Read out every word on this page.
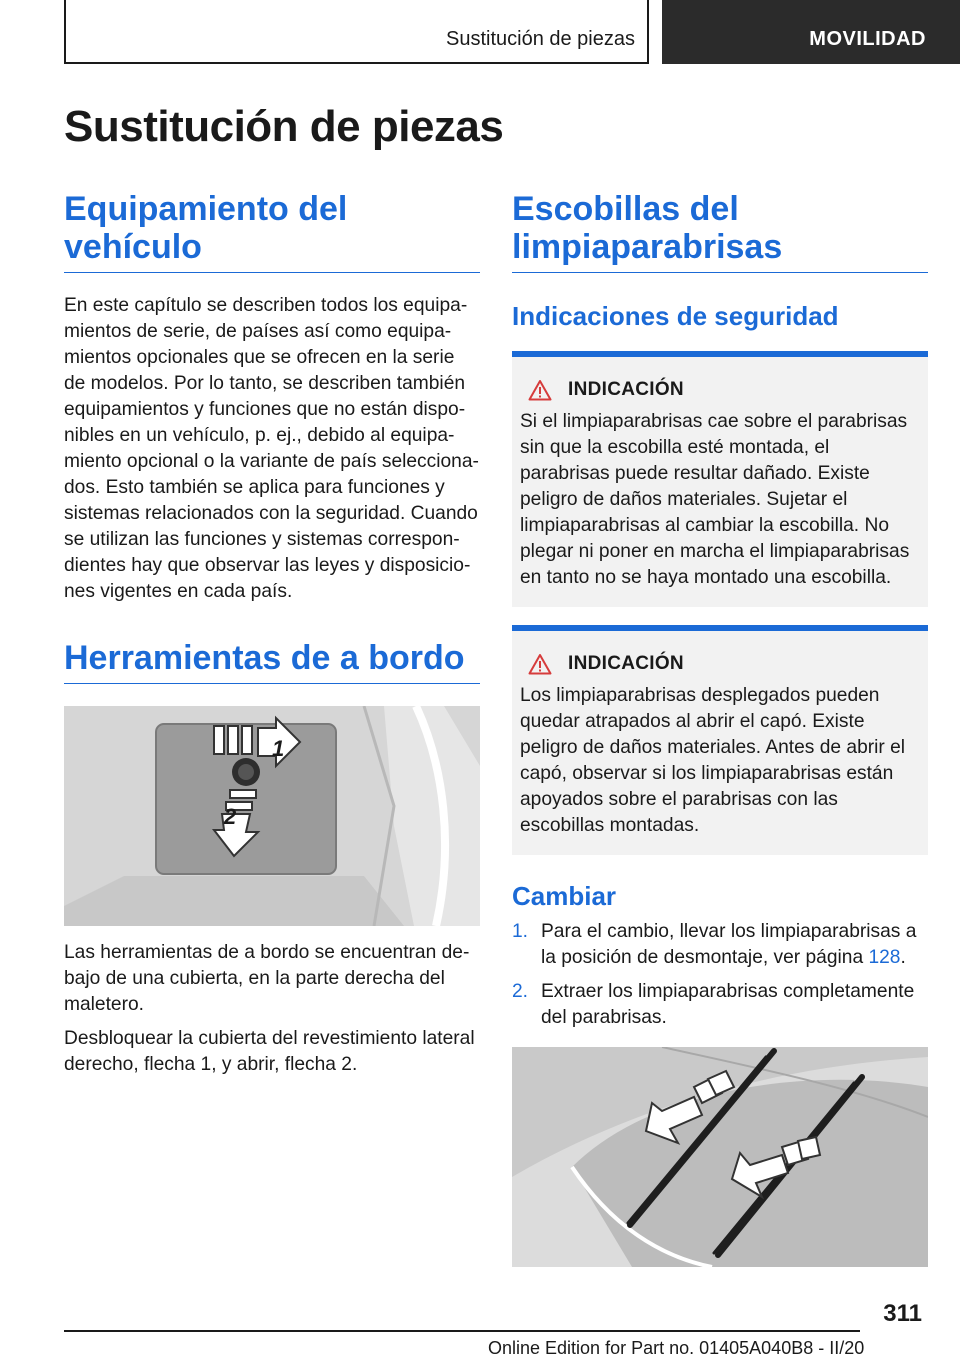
Sustitución de piezas	MOVILIDAD
Sustitución de piezas
Equipamiento del vehículo

En este capítulo se describen todos los equipamientos de serie, de países así como equipamientos opcionales que se ofrecen en la serie de modelos. Por lo tanto, se describen también equipamientos y funciones que no están disponibles en un vehículo, p. ej., debido al equipamiento opcional o la variante de país seleccionados. Esto también se aplica para funciones y sistemas relacionados con la seguridad. Cuando se utilizan las funciones y sistemas correspondientes hay que observar las leyes y disposiciones vigentes en cada país.

Herramientas de a bordo
1
2

Las herramientas de a bordo se encuentran debajo de una cubierta, en la parte derecha del maletero.

Desbloquear la cubierta del revestimiento lateral derecho, flecha 1, y abrir, flecha 2.

Escobillas del limpiaparabrisas
Indicaciones de seguridad
INDICACIÓN

Si el limpiaparabrisas cae sobre el parabrisas sin que la escobilla esté montada, el parabrisas puede resultar dañado. Existe peligro de daños materiales. Sujetar el limpiaparabrisas al cambiar la escobilla. No plegar ni poner en marcha el limpiaparabrisas en tanto no se haya montado una escobilla.

INDICACIÓN

Los limpiaparabrisas desplegados pueden quedar atrapados al abrir el capó. Existe peligro de daños materiales. Antes de abrir el capó, observar si los limpiaparabrisas están apoyados sobre el parabrisas con las escobillas montadas.

Cambiar
1. Para el cambio, llevar los limpiaparabrisas a la posición de desmontaje, ver página 128.
2. Extraer los limpiaparabrisas completamente del parabrisas.
311
Online Edition for Part no. 01405A040B8 - II/20
